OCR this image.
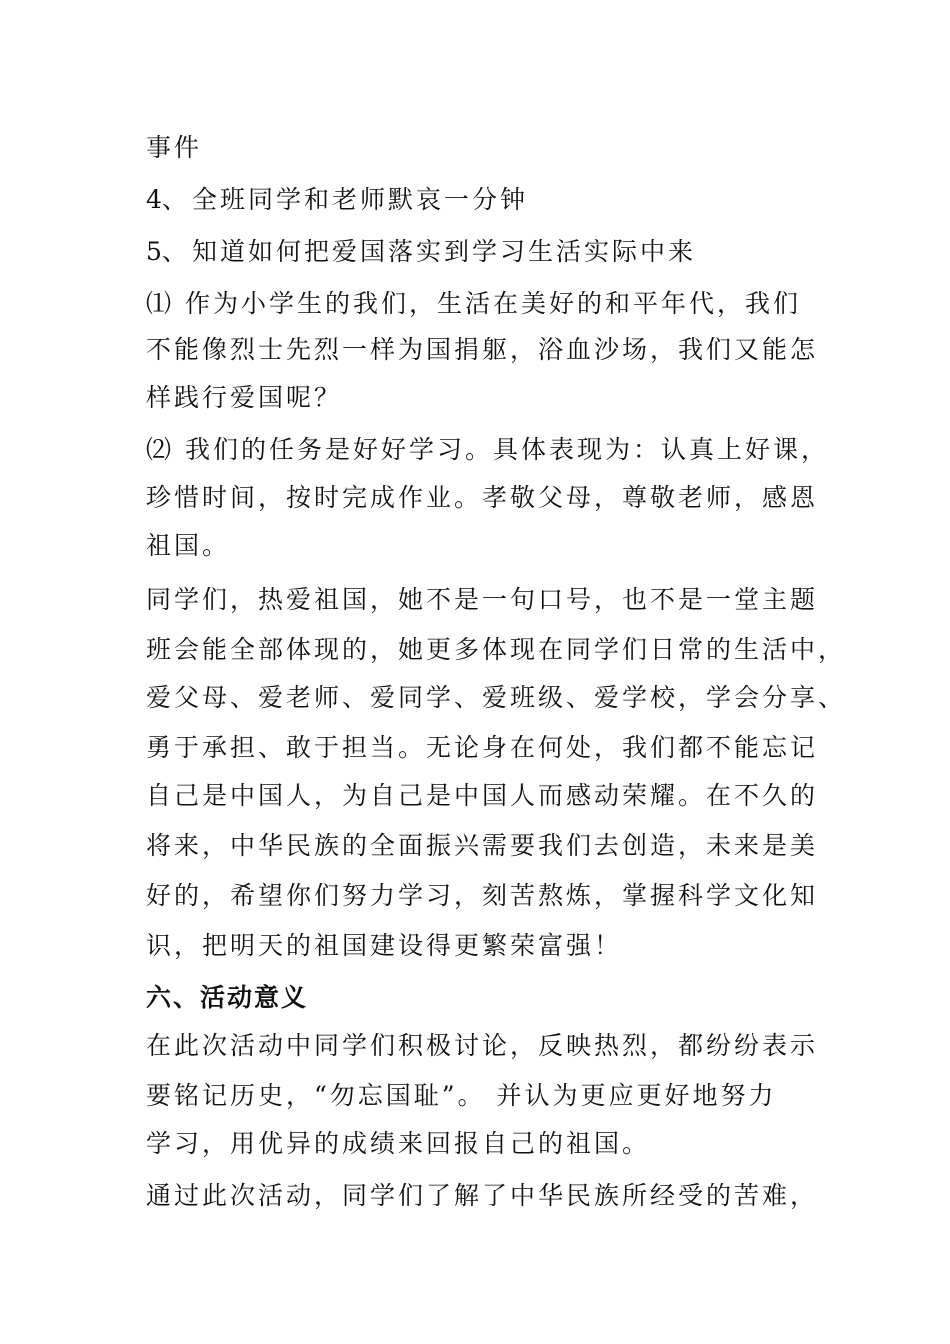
事件
4、 全班同学和老师默哀一分钟
5、 知道如何把爱国落实到学习生活实际中来
⑴ 作为小学生的我们，生活在美好的和平年代，我们
不能像烈士先烈一样为国捐躯，浴血沙场，我们又能怎
样践行爱国呢？
⑵ 我们的任务是好好学习。具体表现为：认真上好课，
珍惜时间，按时完成作业。孝敬父母，尊敬老师，感恩
祖国。
同学们，热爱祖国，她不是一句口号，也不是一堂主题
班会能全部体现的，她更多体现在同学们日常的生活中，
爱父母、爱老师、爱同学、爱班级、爱学校，学会分享、
勇于承担、敢于担当。无论身在何处，我们都不能忘记
自己是中国人，为自己是中国人而感动荣耀。在不久的
将来，中华民族的全面振兴需要我们去创造，未来是美
好的，希望你们努力学习，刻苦熬炼，掌握科学文化知
识，把明天的祖国建设得更繁荣富强！
六、活动意义
在此次活动中同学们积极讨论，反映热烈，都纷纷表示
要铭记历史，“勿忘国耻”。 并认为更应更好地努力
学习，用优异的成绩来回报自己的祖国。
通过此次活动，同学们了解了中华民族所经受的苦难，
